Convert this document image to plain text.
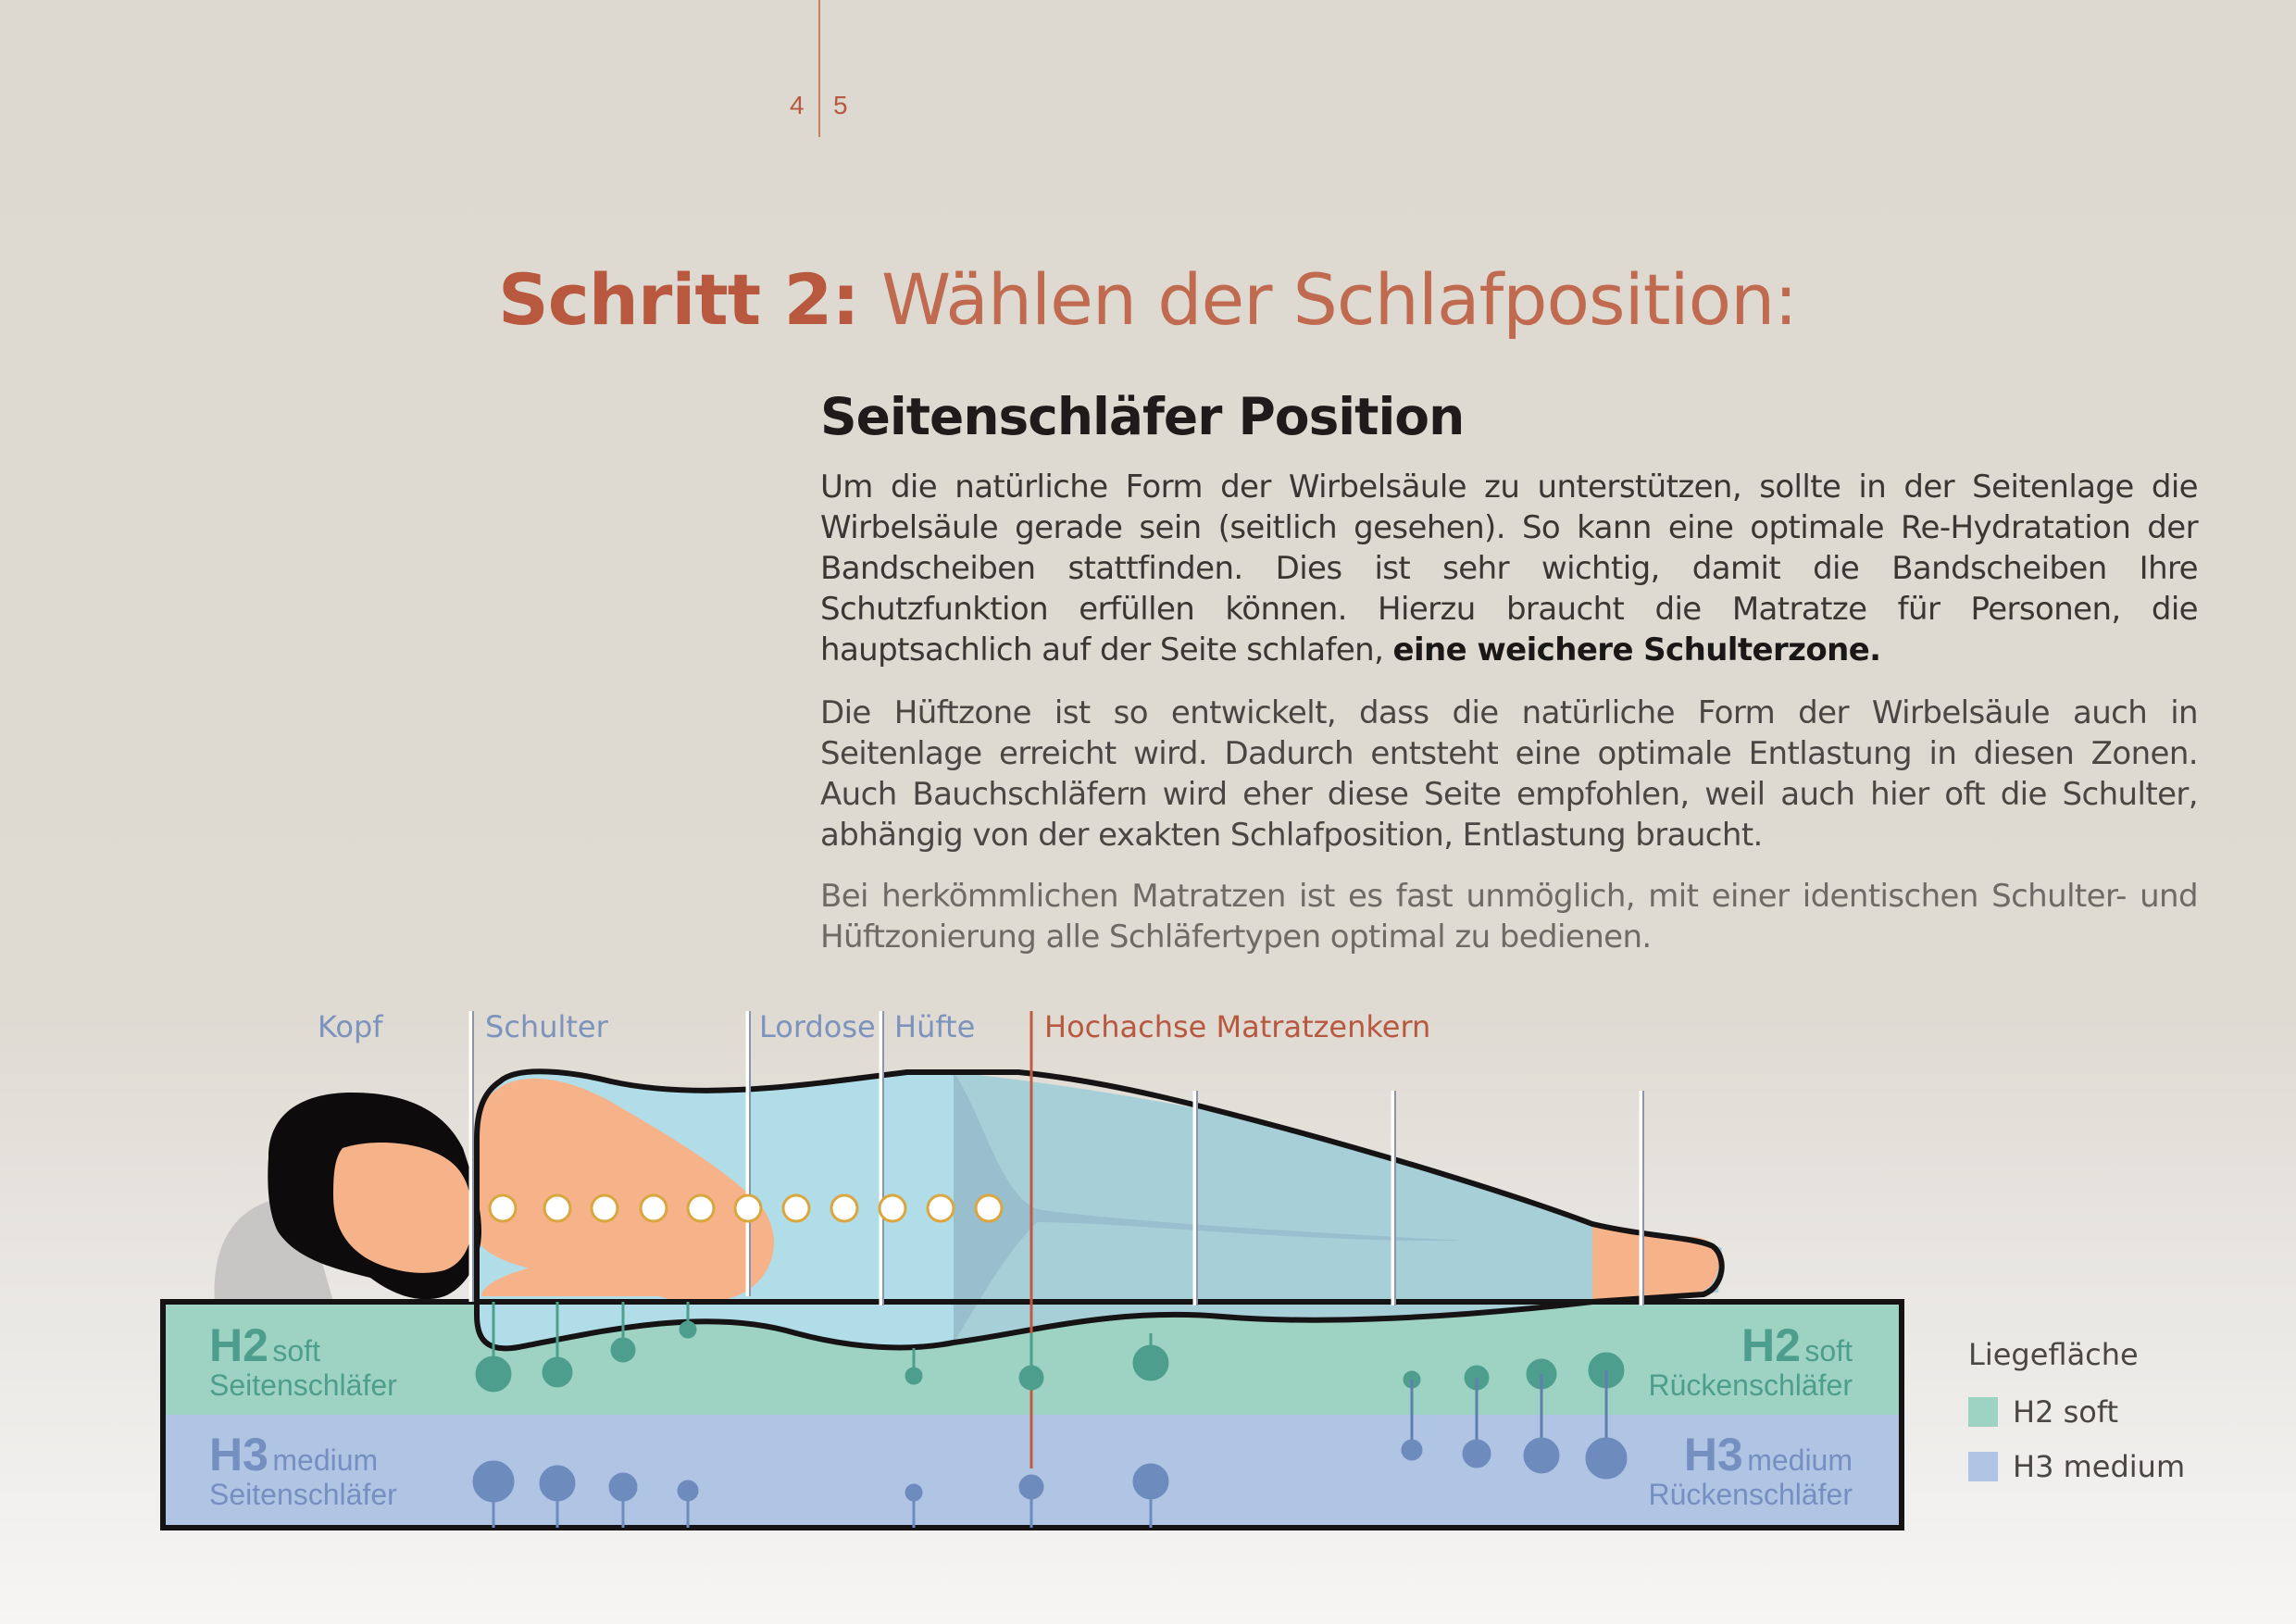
4 5
Schritt 2: Wählen der Schlafposition:
Seitenschläfer Position
Um die natürliche Form der Wirbelsäule zu unterstützen, sollte in der Seitenlage die Wirbelsäule gerade sein (seitlich gesehen). So kann eine optimale Re-Hydratation der Bandscheiben stattfinden. Dies ist sehr wichtig, damit die Bandscheiben Ihre Schutzfunktion erfüllen können. Hierzu braucht die Matratze für Personen, die hauptsachlich auf der Seite schlafen, eine weichere Schulterzone.
Die Hüftzone ist so entwickelt, dass die natürliche Form der Wirbelsäule auch in Seitenlage erreicht wird. Dadurch entsteht eine optimale Entlastung in diesen Zonen. Auch Bauchschläfern wird eher diese Seite empfohlen, weil auch hier oft die Schulter, abhängig von der exakten Schlafposition, Entlastung braucht.
Bei herkömmlichen Matratzen ist es fast unmöglich, mit einer identischen Schulter- und Hüftzonierung alle Schläfertypen optimal zu bedienen.
Kopf	Schulter	Lordose Hüfte Hochachse Matratzenkern
H2 soft
Seitenschläfer
H2 soft
Rückenschläfer
H3 medium
Seitenschläfer
H3 medium
Rückenschläfer
Liegefläche
H2 soft
H3 medium
